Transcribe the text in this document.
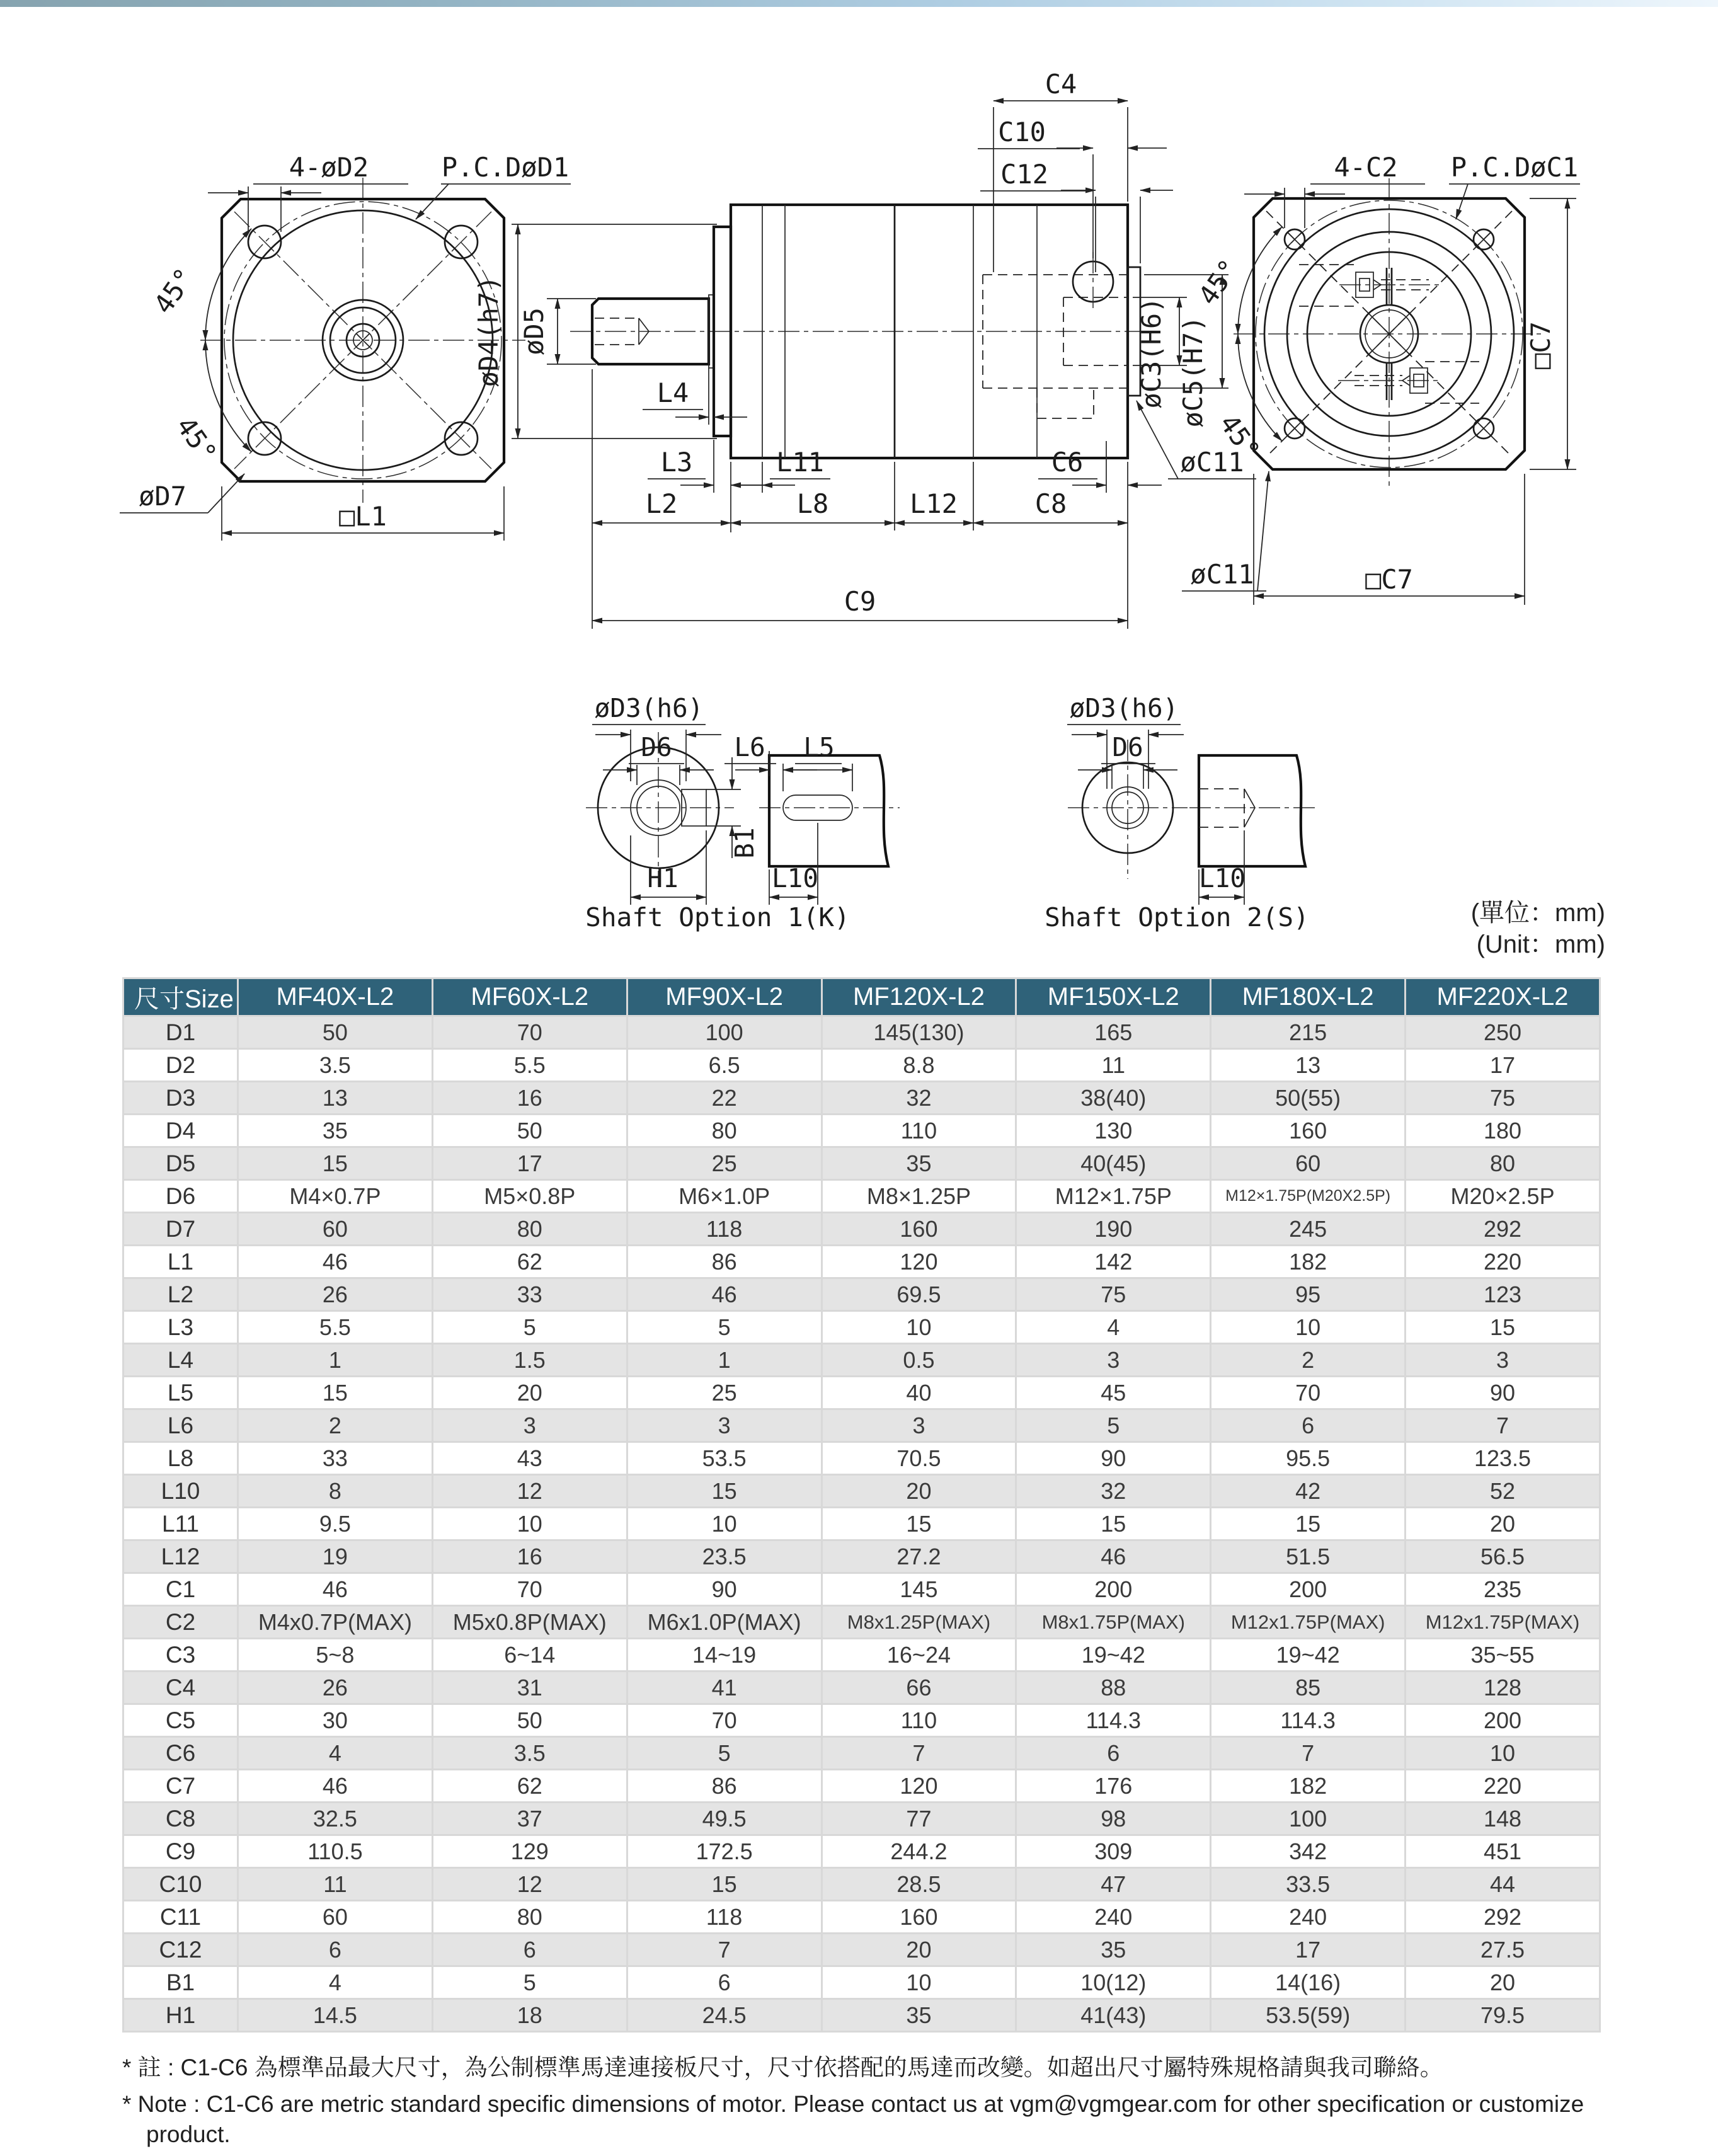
4-øD2	P.C.DøD1
45°
45°
øD7
□L1
øD4(h7) øD5
C4
C10
C12
øC3(H6) øC5(H7)
L4
L3	L11	C6	øC11
L2	L8	L12	C8
C9
4-C2 P.C.DøC1
45°
45°
øC11	□C7
□C7
øD3(h6)
D6
B1
H1
L6 L5
L10
Shaft Option 1(K)
øD3(h6)
D6
L10
Shaft Option 2(S)	(單位：mm)
(Unit：mm)
尺寸Size	MF40X-L2	MF60X-L2	MF90X-L2	MF120X-L2	MF150X-L2	MF180X-L2	MF220X-L2
D1	50	70	100	145(130)	165	215	250
D2	3.5	5.5	6.5	8.8	11	13	17
D3	13	16	22	32	38(40)	50(55)	75
D4	35	50	80	110	130	160	180
D5	15	17	25	35	40(45)	60	80
D6	M4×0.7P	M5×0.8P	M6×1.0P	M8×1.25P	M12×1.75P	M12×1.75P(M20X2.5P)	M20×2.5P
D7	60	80	118	160	190	245	292
L1	46	62	86	120	142	182	220
L2	26	33	46	69.5	75	95	123
L3	5.5	5	5	10	4	10	15
L4	1	1.5	1	0.5	3	2	3
L5	15	20	25	40	45	70	90
L6	2	3	3	3	5	6	7
L8	33	43	53.5	70.5	90	95.5	123.5
L10	8	12	15	20	32	42	52
L11	9.5	10	10	15	15	15	20
L12	19	16	23.5	27.2	46	51.5	56.5
C1	46	70	90	145	200	200	235
C2	M4x0.7P(MAX)	M5x0.8P(MAX)	M6x1.0P(MAX)	M8x1.25P(MAX)	M8x1.75P(MAX)	M12x1.75P(MAX)	M12x1.75P(MAX)
C3	5~8	6~14	14~19	16~24	19~42	19~42	35~55
C4	26	31	41	66	88	85	128
C5	30	50	70	110	114.3	114.3	200
C6	4	3.5	5	7	6	7	10
C7	46	62	86	120	176	182	220
C8	32.5	37	49.5	77	98	100	148
C9	110.5	129	172.5	244.2	309	342	451
C10	11	12	15	28.5	47	33.5	44
C11	60	80	118	160	240	240	292
C12	6	6	7	20	35	17	27.5
B1	4	5	6	10	10(12)	14(16)	20
H1	14.5	18	24.5	35	41(43)	53.5(59)	79.5

* 註 : C1-C6 為標準品最大尺寸，為公制標準馬達連接板尺寸，尺寸依搭配的馬達而改變。如超出尺寸屬特殊規格請與我司聯絡。

* Note : C1-C6 are metric standard specific dimensions of motor. Please contact us at vgm@vgmgear.com for other specification or customize product.
